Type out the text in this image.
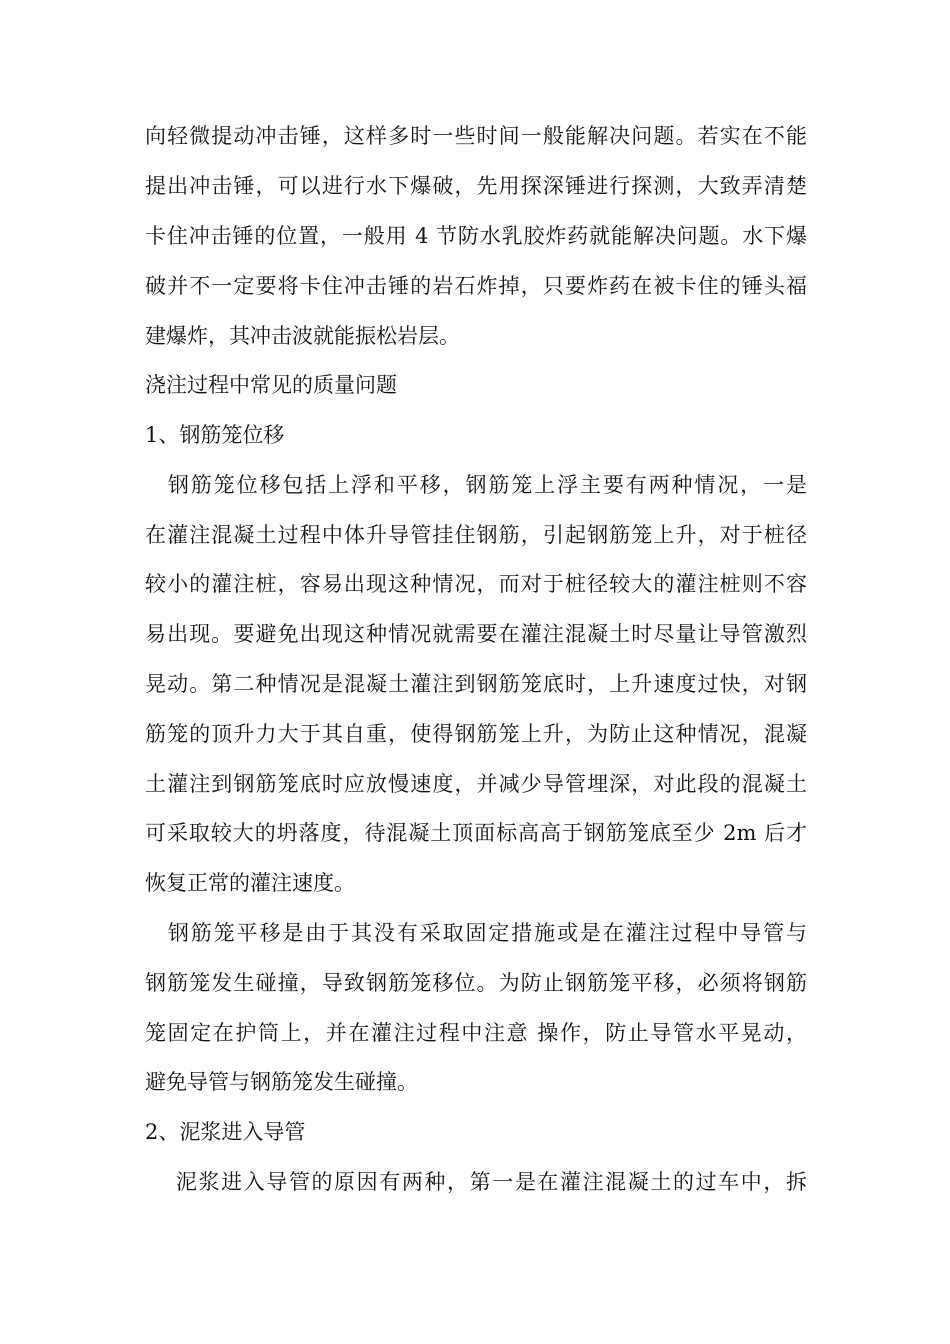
向轻微提动冲击锤，这样多时一些时间一般能解决问题。若实在不能
提出冲击锤，可以进行水下爆破，先用探深锤进行探测，大致弄清楚
卡住冲击锤的位置，一般用 4 节防水乳胶炸药就能解决问题。水下爆
破并不一定要将卡住冲击锤的岩石炸掉，只要炸药在被卡住的锤头福
建爆炸，其冲击波就能振松岩层。
浇注过程中常见的质量问题
1、钢筋笼位移
　钢筋笼位移包括上浮和平移，钢筋笼上浮主要有两种情况，一是
在灌注混凝土过程中体升导管挂住钢筋，引起钢筋笼上升，对于桩径
较小的灌注桩，容易出现这种情况，而对于桩径较大的灌注桩则不容
易出现。要避免出现这种情况就需要在灌注混凝土时尽量让导管激烈
晃动。第二种情况是混凝土灌注到钢筋笼底时，上升速度过快，对钢
筋笼的顶升力大于其自重，使得钢筋笼上升，为防止这种情况，混凝
土灌注到钢筋笼底时应放慢速度，并减少导管埋深，对此段的混凝土
可采取较大的坍落度，待混凝土顶面标高高于钢筋笼底至少 2m 后才
恢复正常的灌注速度。
　钢筋笼平移是由于其没有采取固定措施或是在灌注过程中导管与
钢筋笼发生碰撞，导致钢筋笼移位。为防止钢筋笼平移，必须将钢筋
笼固定在护筒上，并在灌注过程中注意 操作，防止导管水平晃动，
避免导管与钢筋笼发生碰撞。
2、泥浆进入导管
　 泥浆进入导管的原因有两种，第一是在灌注混凝土的过车中，拆
